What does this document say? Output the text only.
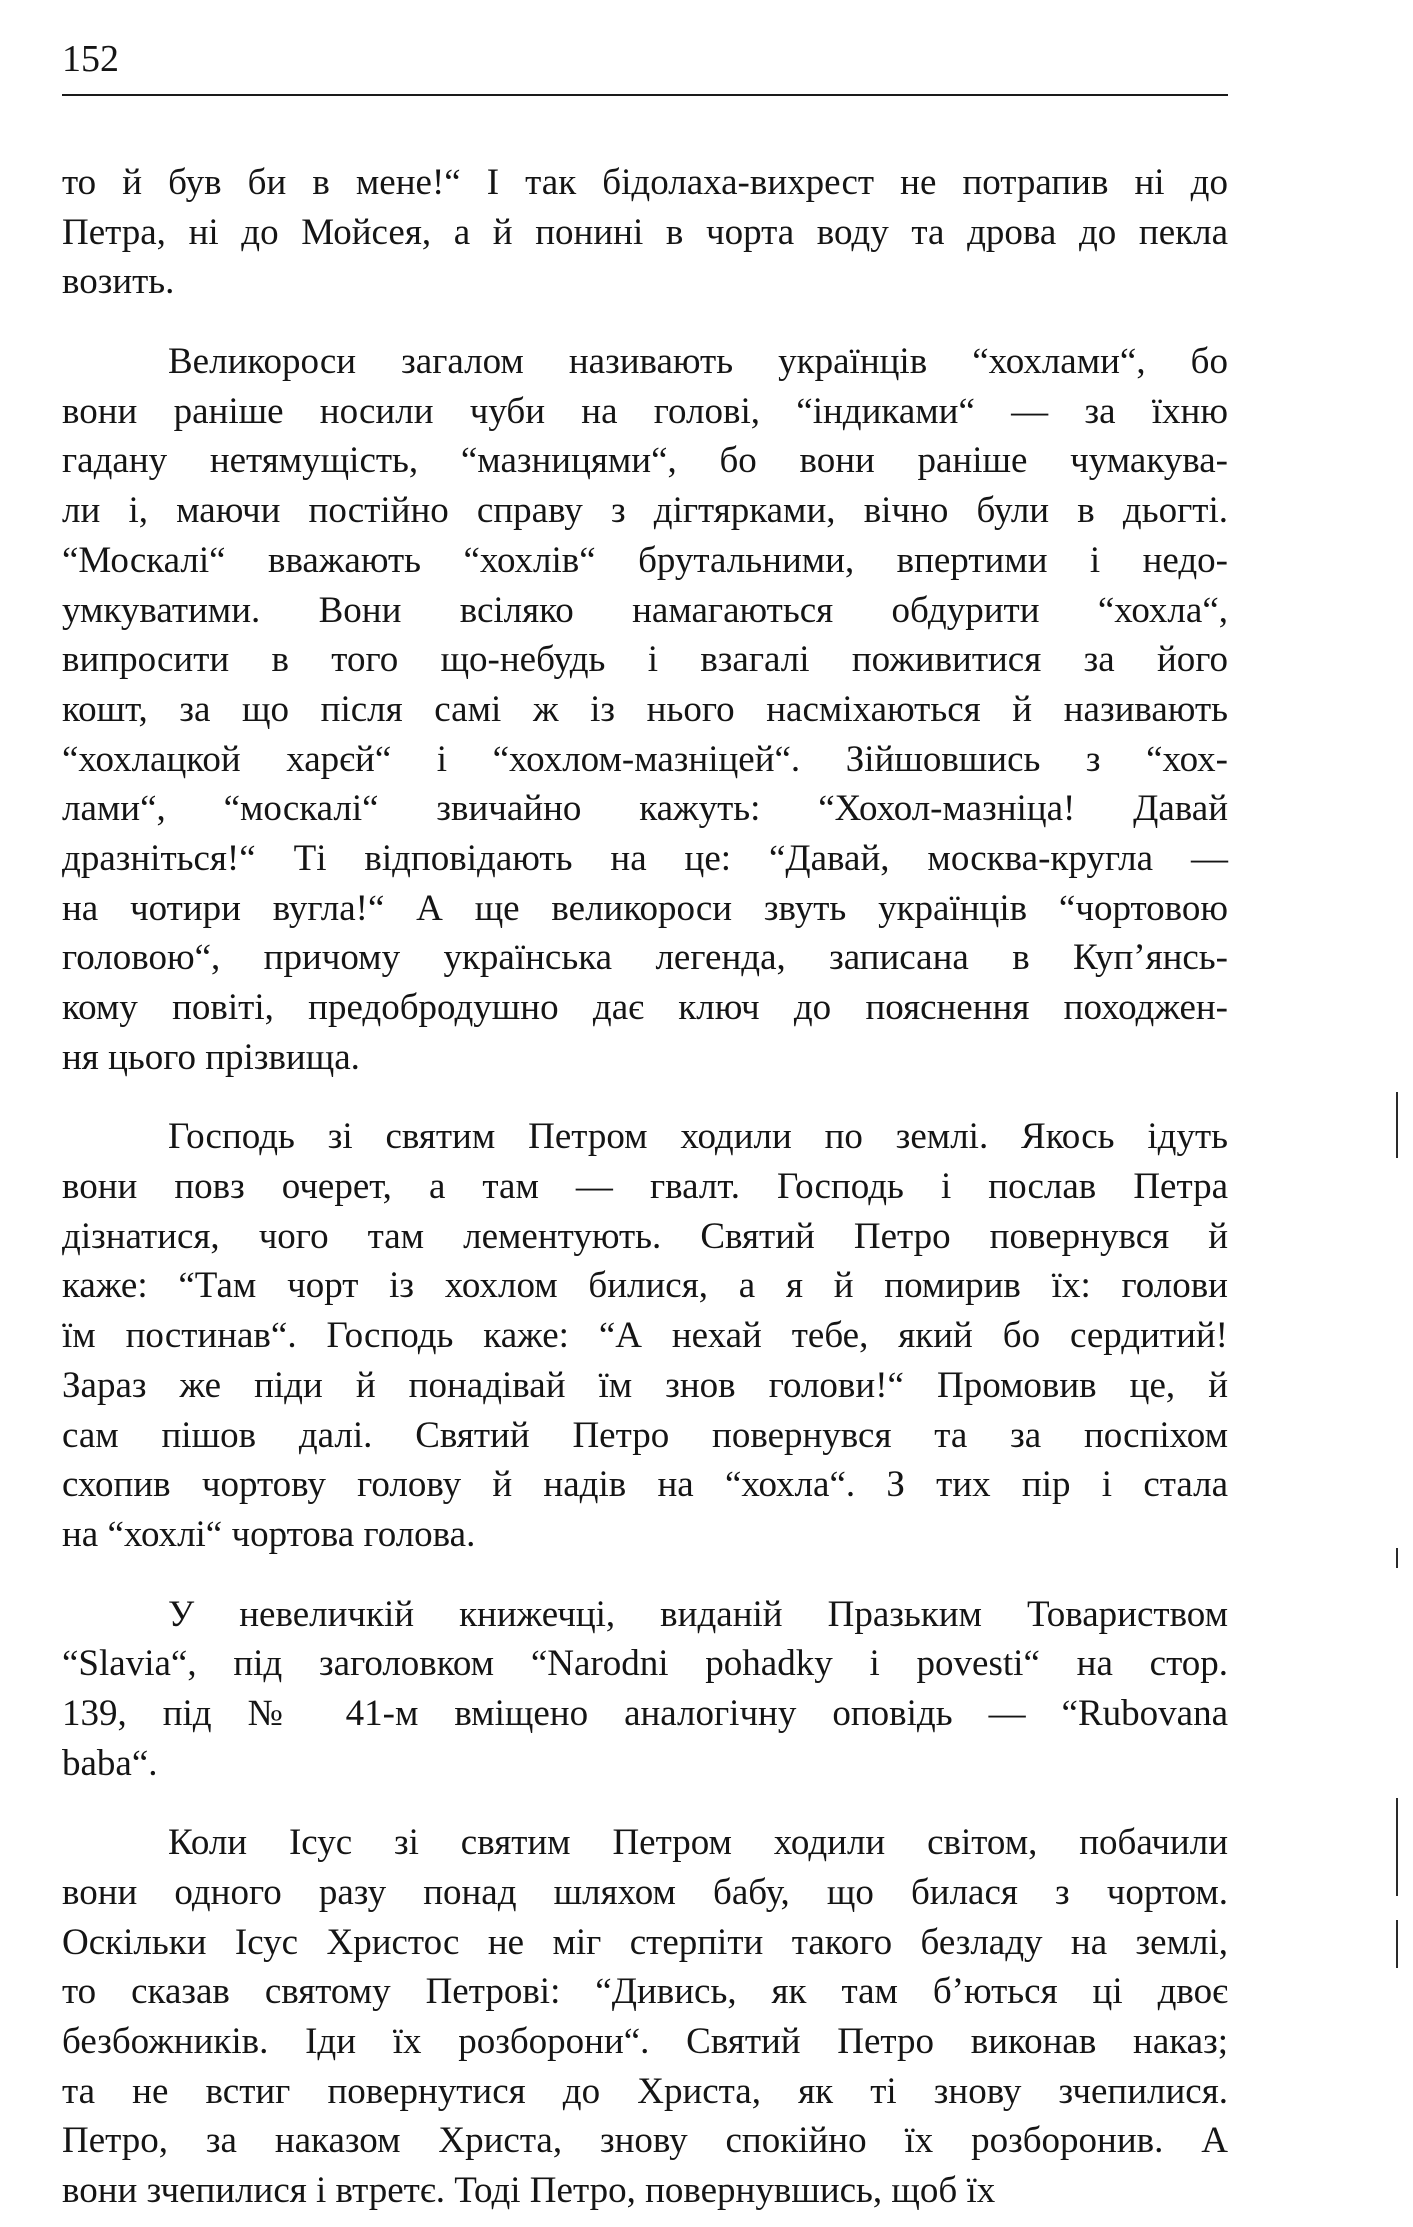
152
то й був би в мене!“ І так бідолаха-вихрест не потрапив ні до
Петра, ні до Мойсея, а й понині в чорта воду та дрова до пекла
возить.
Великороси загалом називають українців “хохлами“, бо
вони раніше носили чуби на голові, “індиками“ — за їхню
гадану нетямущість, “мазницями“, бо вони раніше чумакува-
ли і, маючи постійно справу з дігтярками, вічно були в дьогті.
“Москалі“ вважають “хохлів“ брутальними, впертими і недо-
умкуватими. Вони всіляко намагаються обдурити “хохла“,
випросити в того що-небудь і взагалі поживитися за його
кошт, за що після самі ж із нього насміхаються й називають
“хохлацкой харєй“ і “хохлом-мазніцей“. Зійшовшись з “хох-
лами“, “москалі“ звичайно кажуть: “Хохол-мазніца! Давай
дразніться!“ Ті відповідають на це: “Давай, москва-кругла —
на чотири вугла!“ А ще великороси звуть українців “чортовою
головою“, причому українська легенда, записана в Куп’янсь-
кому повіті, предобродушно дає ключ до пояснення походжен-
ня цього прізвища.
Господь зі святим Петром ходили по землі. Якось ідуть
вони повз очерет, а там — гвалт. Господь і послав Петра
дізнатися, чого там лементують. Святий Петро повернувся й
каже: “Там чорт із хохлом билися, а я й помирив їх: голови
їм постинав“. Господь каже: “А нехай тебе, який бо сердитий!
Зараз же піди й понадівай їм знов голови!“ Промовив це, й
сам пішов далі. Святий Петро повернувся та за поспіхом
схопив чортову голову й надів на “хохла“. З тих пір і стала
на “хохлі“ чортова голова.
У невеличкій книжечці, виданій Празьким Товариством
“Slavia“, під заголовком “Narodni pohadky i povesti“ на стор.
139, під № 41-м вміщено аналогічну оповідь — “Rubovana
baba“.
Коли Ісус зі святим Петром ходили світом, побачили
вони одного разу понад шляхом бабу, що билася з чортом.
Оскільки Ісус Христос не міг стерпіти такого безладу на землі,
то сказав святому Петрові: “Дивись, як там б’ються ці двоє
безбожників. Іди їх розборони“. Святий Петро виконав наказ;
та не встиг повернутися до Христа, як ті знову зчепилися.
Петро, за наказом Христа, знову спокійно їх розборонив. А
вони зчепилися і втретє. Тоді Петро, повернувшись, щоб їх
